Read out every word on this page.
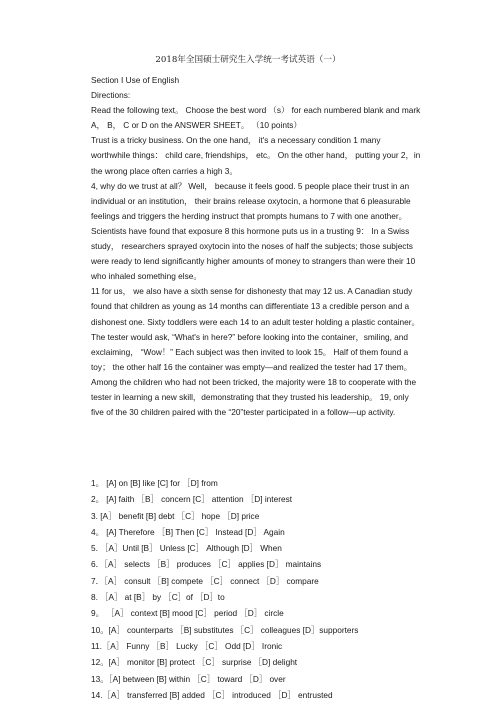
2018年全国硕士研究生入学统一考试英语（一）

Section I Use of English

Directions:

Read the following text。 Choose the best word （s） for each numbered blank and mark A， B， C or D on the ANSWER SHEET。 （10 points）

Trust is a tricky business. On the one hand， it's a necessary condition 1 many worthwhile things： child care, friendships， etc。 On the other hand， putting your 2，in the wrong place often carries a high 3。

4, why do we trust at all？ Well， because it feels good. 5 people place their trust in an individual or an institution， their brains release oxytocin, a hormone that 6 pleasurable feelings and triggers the herding instruct that prompts humans to 7 with one another。Scientists have found that exposure 8 this hormone puts us in a trusting 9： In a Swiss study， researchers sprayed oxytocin into the noses of half the subjects; those subjects were ready to lend significantly higher amounts of money to strangers than were their 10 who inhaled something else。

11 for us， we also have a sixth sense for dishonesty that may 12 us. A Canadian study found that children as young as 14 months can differentiate 13 a credible person and a dishonest one. Sixty toddlers were each 14 to an adult tester holding a plastic container。 The tester would ask, “What's in here?” before looking into the container，smiling, and exclaiming， “Wow！” Each subject was then invited to look 15。 Half of them found a toy； the other half 16 the container was empty—and realized the tester had 17 them。

Among the children who had not been tricked, the majority were 18 to cooperate with the tester in learning a new skill，demonstrating that they trusted his leadership。 19, only five of the 30 children paired with the “20”tester participated in a follow—up activity.

1。 [A] on [B] like [C] for ［D] from

2。 [A] faith ［B］ concern [C］ attention ［D] interest

3. [A］ benefit [B] debt ［C］ hope ［D] price

4。 [A] Therefore ［B] Then [C］ Instead [D］ Again

5. ［A］Until [B］ Unless [C］ Although [D］ When

6．［A］ selects ［B］ produces ［C］ applies [D］ maintains

7．［A］ consult ［B] compete ［C］ connect ［D］ compare

8. ［A］ at [B］ by ［C］of ［D］to

9。 ［A］ context [B] mood [C］ period ［D］ circle

10。[A］ counterparts ［B] substitutes ［C］ colleagues [D］supporters

11.［A］ Funny ［B］ Lucky ［C］ Odd [D］ Ironic

12。[A］ monitor [B] protect ［C］ surprise ［D] delight

13。［A] between [B] within ［C］ toward ［D］ over

14.［A］ transferred [B] added ［C］ introduced ［D］ entrusted
